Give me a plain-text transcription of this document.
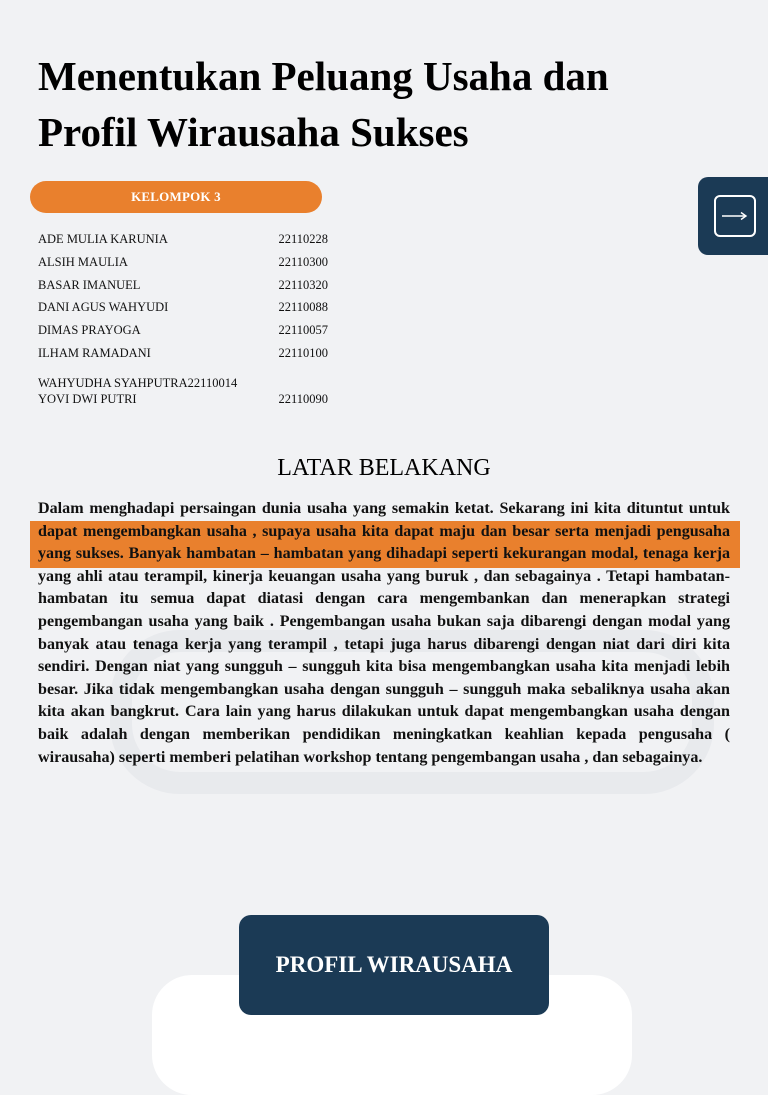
Menentukan Peluang Usaha dan Profil Wirausaha Sukses
KELOMPOK 3
ADE MULIA KARUNIA	22110228
ALSIH MAULIA	22110300
BASAR IMANUEL	22110320
DANI AGUS WAHYUDI	22110088
DIMAS PRAYOGA	22110057
ILHAM RAMADANI	22110100
WAHYUDHA SYAHPUTRA 22110014
YOVI DWI PUTRI	22110090
LATAR BELAKANG

Dalam menghadapi persaingan dunia usaha yang semakin ketat. Sekarang ini kita dituntut untuk dapat mengembangkan usaha , supaya usaha kita dapat maju dan besar serta menjadi pengusaha yang sukses. Banyak hambatan – hambatan yang dihadapi seperti kekurangan modal, tenaga kerja yang ahli atau terampil, kinerja keuangan usaha yang buruk , dan sebagainya . Tetapi hambatan- hambatan itu semua dapat diatasi dengan cara mengembankan dan menerapkan strategi pengembangan usaha yang baik . Pengembangan usaha bukan saja dibarengi dengan modal yang banyak atau tenaga kerja yang terampil , tetapi juga harus dibarengi dengan niat dari diri kita sendiri. Dengan niat yang sungguh – sungguh kita bisa mengembangkan usaha kita menjadi lebih besar. Jika tidak mengembangkan usaha dengan sungguh – sungguh maka sebaliknya usaha akan kita akan bangkrut. Cara lain yang harus dilakukan untuk dapat mengembangkan usaha dengan baik adalah dengan memberikan pendidikan meningkatkan keahlian kepada pengusaha ( wirausaha) seperti memberi pelatihan workshop tentang pengembangan usaha , dan sebagainya.

PROFIL WIRAUSAHA
